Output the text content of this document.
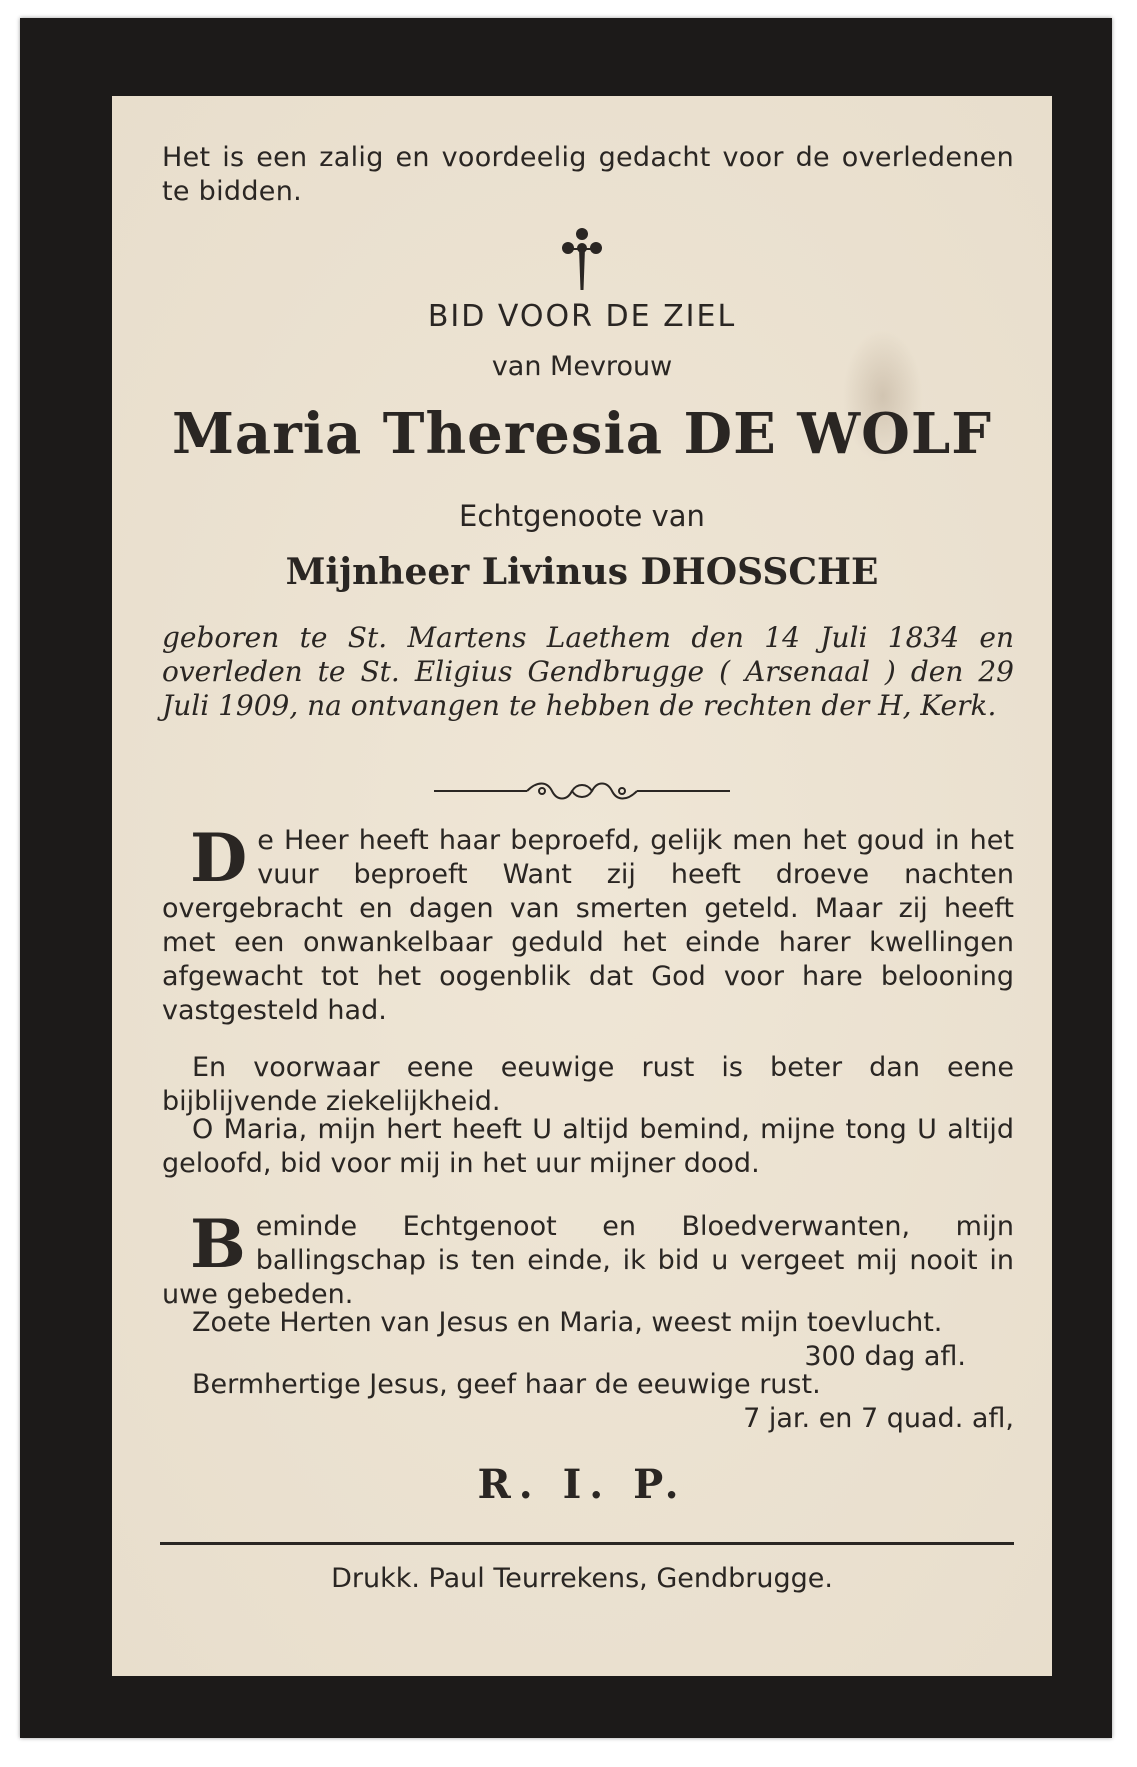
Het is een zalig en voordeelig gedacht voor de overledenen te bidden.
BID VOOR DE ZIEL
van Mevrouw
Maria Theresia DE WOLF
Echtgenoote van
Mijnheer Livinus DHOSSCHE
geboren te St. Martens Laethem den 14 Juli 1834 en overleden te St. Eligius Gendbrugge ( Arsenaal ) den 29 Juli 1909, na ontvangen te hebben de rechten der H, Kerk.
De Heer heeft haar beproefd, gelijk men het goud in het vuur beproeft Want zij heeft droeve nachten overgebracht en dagen van smerten geteld. Maar zij heeft met een onwankelbaar geduld het einde harer kwellingen afgewacht tot het oogenblik dat God voor hare belooning vastgesteld had.
En voorwaar eene eeuwige rust is beter dan eene bijblijvende ziekelijkheid.
O Maria, mijn hert heeft U altijd bemind, mijne tong U altijd geloofd, bid voor mij in het uur mijner dood.
Beminde Echtgenoot en Bloedverwanten, mijn ballingschap is ten einde, ik bid u vergeet mij nooit in uwe gebeden.
Zoete Herten van Jesus en Maria, weest mijn toevlucht.
300 dag afl.
Bermhertige Jesus, geef haar de eeuwige rust.
7 jar. en 7 quad. afl,
R. I. P.
Drukk. Paul Teurrekens, Gendbrugge.
